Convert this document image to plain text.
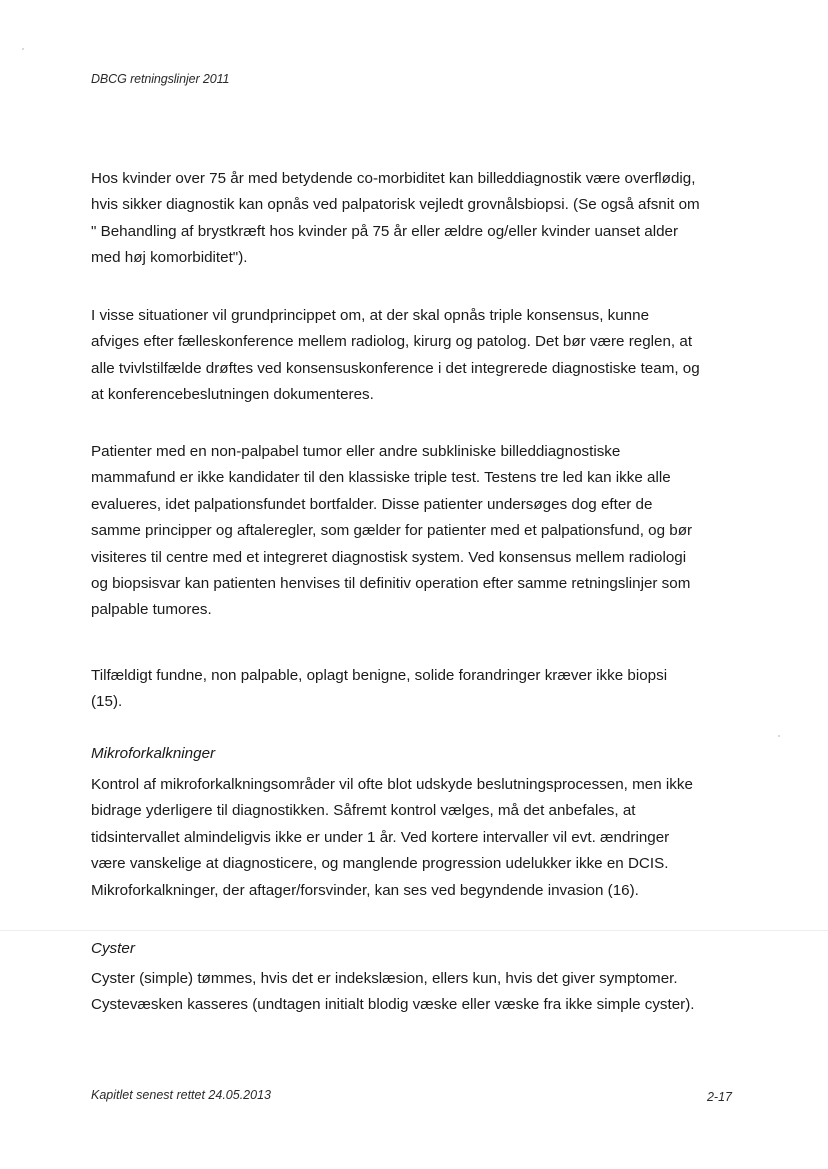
DBCG retningslinjer 2011
Hos kvinder over 75 år med betydende co-morbiditet kan billeddiagnostik være overflødig,
hvis sikker diagnostik kan opnås ved palpatorisk vejledt grovnålsbiopsi. (Se også afsnit om
" Behandling af brystkræft hos kvinder på 75 år eller ældre og/eller kvinder uanset alder
med høj komorbiditet").
I visse situationer vil grundprincippet om, at der skal opnås triple konsensus, kunne
afviges efter fælleskonference mellem radiolog, kirurg og patolog. Det bør være reglen, at
alle tvivlstilfælde drøftes ved konsensuskonference i det integrerede diagnostiske team, og
at konferencebeslutningen dokumenteres.
Patienter med en non-palpabel tumor eller andre subkliniske billeddiagnostiske
mammafund er ikke kandidater til den klassiske triple test. Testens tre led kan ikke alle
evalueres, idet palpationsfundet bortfalder. Disse patienter undersøges dog efter de
samme principper og aftaleregler, som gælder for patienter med et palpationsfund, og bør
visiteres til centre med et integreret diagnostisk system. Ved konsensus mellem radiologi
og biopsisvar kan patienten henvises til definitiv operation efter samme retningslinjer som
palpable tumores.
Tilfældigt fundne, non palpable, oplagt benigne, solide forandringer kræver ikke biopsi
(15).
Mikroforkalkninger
Kontrol af mikroforkalkningsområder vil ofte blot udskyde beslutningsprocessen, men ikke
bidrage yderligere til diagnostikken. Såfremt kontrol vælges, må det anbefales, at
tidsintervallet almindeligvis ikke er under 1 år. Ved kortere intervaller vil evt. ændringer
være vanskelige at diagnosticere, og manglende progression udelukker ikke en DCIS.
Mikroforkalkninger, der aftager/forsvinder, kan ses ved begyndende invasion (16).
Cyster
Cyster (simple) tømmes, hvis det er indekslæsion, ellers kun, hvis det giver symptomer.
Cystevæsken kasseres (undtagen initialt blodig væske eller væske fra ikke simple cyster).
Kapitlet senest rettet 24.05.2013	2-17
